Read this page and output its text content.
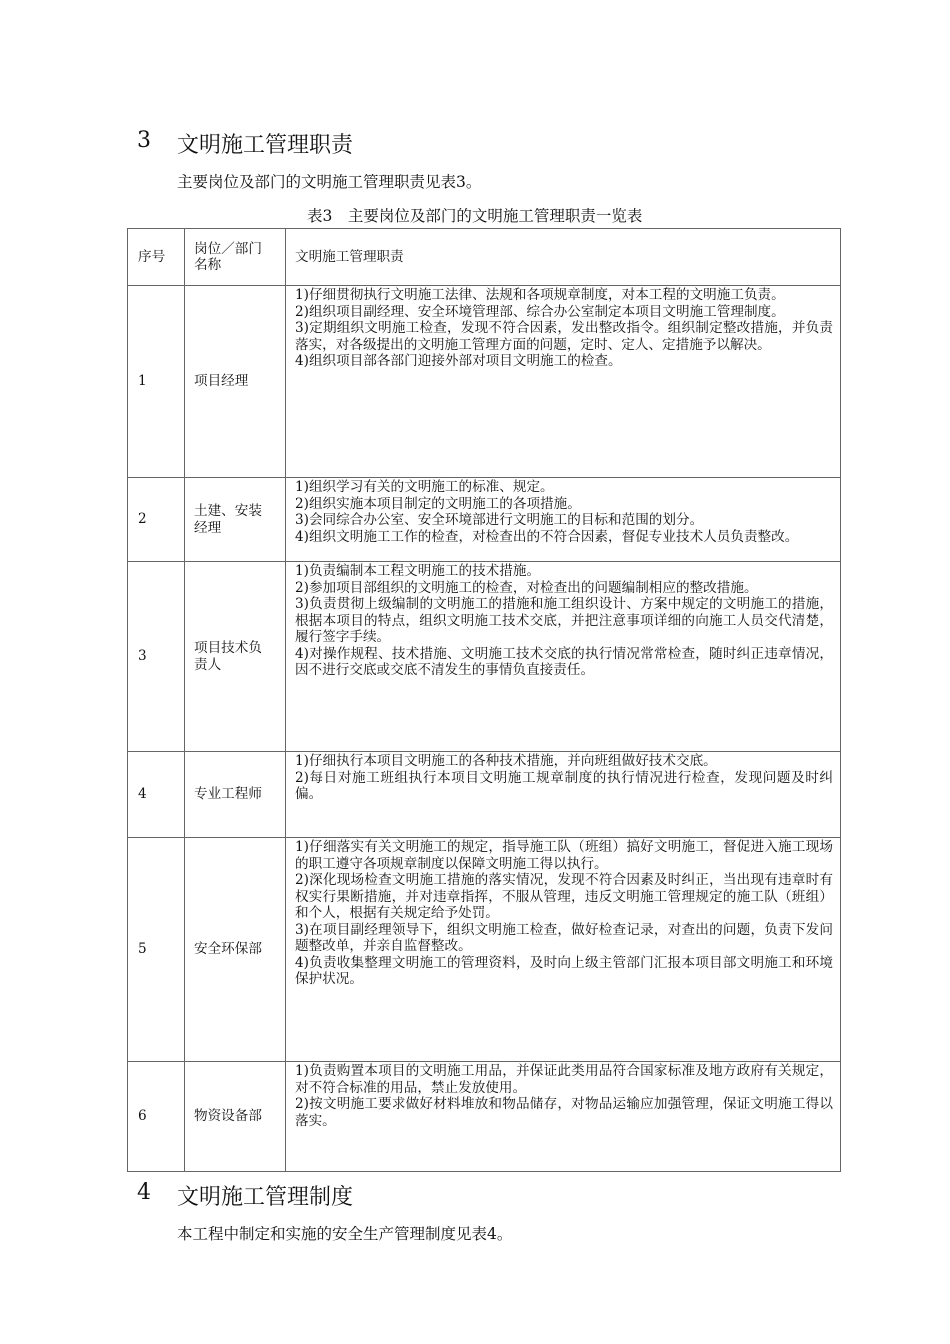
3 文明施工管理职责
主要岗位及部门的文明施工管理职责见表3。
表3　主要岗位及部门的文明施工管理职责一览表
序号	岗位／部门名称	文明施工管理职责
1	项目经理	1)仔细贯彻执行文明施工法律、法规和各项规章制度，对本工程的文明施工负责。
2)组织项目副经理、安全环境管理部、综合办公室制定本项目文明施工管理制度。
3)定期组织文明施工检查，发现不符合因素，发出整改指令。组织制定整改措施，并负责落实，对各级提出的文明施工管理方面的问题，定时、定人、定措施予以解决。
4)组织项目部各部门迎接外部对项目文明施工的检查。

2	土建、安装经理	1)组织学习有关的文明施工的标准、规定。
2)组织实施本项目制定的文明施工的各项措施。
3)会同综合办公室、安全环境部进行文明施工的目标和范围的划分。
4)组织文明施工工作的检查，对检查出的不符合因素，督促专业技术人员负责整改。

3	项目技术负责人	1)负责编制本工程文明施工的技术措施。
2)参加项目部组织的文明施工的检查，对检查出的问题编制相应的整改措施。
3)负责贯彻上级编制的文明施工的措施和施工组织设计、方案中规定的文明施工的措施，根据本项目的特点，组织文明施工技术交底，并把注意事项详细的向施工人员交代清楚，履行签字手续。
4)对操作规程、技术措施、文明施工技术交底的执行情况常常检查，随时纠正违章情况，因不进行交底或交底不清发生的事情负直接责任。

4	专业工程师	1)仔细执行本项目文明施工的各种技术措施，并向班组做好技术交底。
2)每日对施工班组执行本项目文明施工规章制度的执行情况进行检查，发现问题及时纠偏。

5	安全环保部	1)仔细落实有关文明施工的规定，指导施工队（班组）搞好文明施工，督促进入施工现场的职工遵守各项规章制度以保障文明施工得以执行。
2)深化现场检查文明施工措施的落实情况，发现不符合因素及时纠正，当出现有违章时有权实行果断措施，并对违章指挥，不服从管理，违反文明施工管理规定的施工队（班组）和个人，根据有关规定给予处罚。
3)在项目副经理领导下，组织文明施工检查，做好检查记录，对查出的问题，负责下发问题整改单，并亲自监督整改。
4)负责收集整理文明施工的管理资料，及时向上级主管部门汇报本项目部文明施工和环境保护状况。

6	物资设备部	1)负责购置本项目的文明施工用品，并保证此类用品符合国家标准及地方政府有关规定，对不符合标准的用品，禁止发放使用。
2)按文明施工要求做好材料堆放和物品储存，对物品运输应加强管理，保证文明施工得以落实。
4 文明施工管理制度
本工程中制定和实施的安全生产管理制度见表4。
